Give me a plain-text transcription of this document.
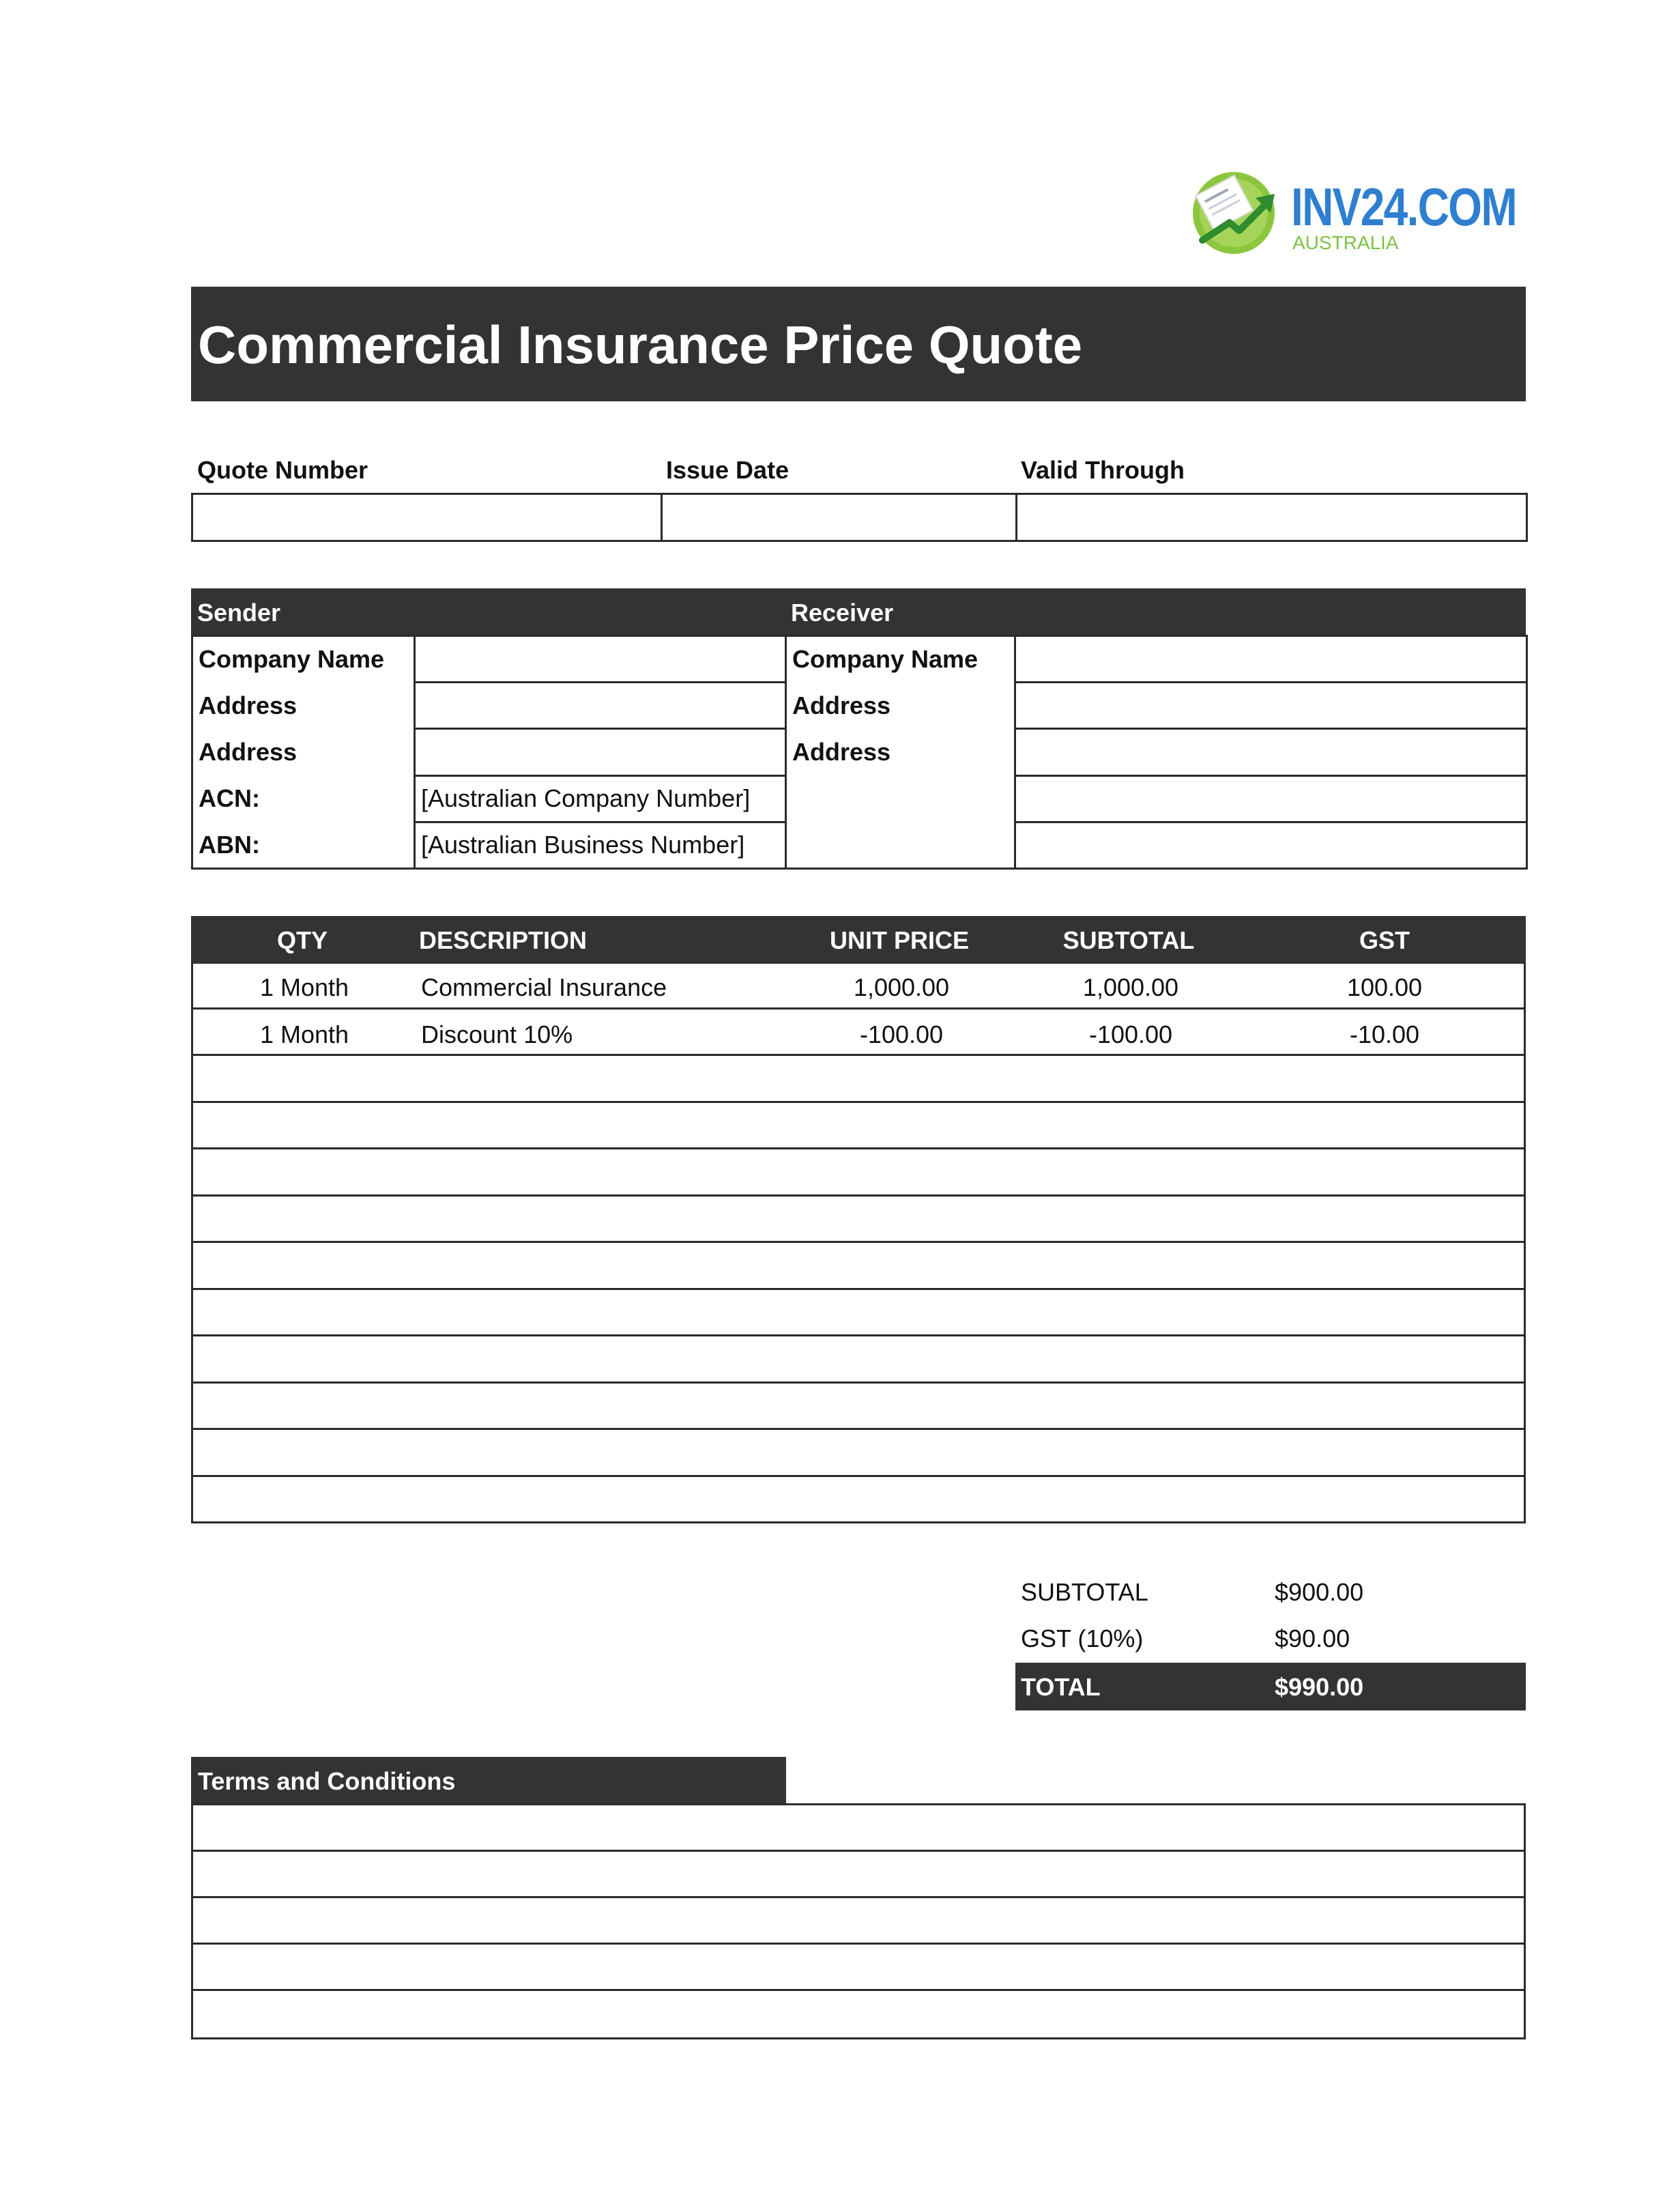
INV24.COM
AUSTRALIA
Commercial Insurance Price Quote
Quote Number	Issue Date	Valid Through

Sender	Receiver
Company Name		Company Name	
Address		Address	
Address		Address	
ACN:	[Australian Company Number]		
ABN:	[Australian Business Number]		
QTY	DESCRIPTION	UNIT PRICE	SUBTOTAL	GST
1 Month	Commercial Insurance	1,000.00	1,000.00	100.00
1 Month	Discount 10%	-100.00	-100.00	-10.00
SUBTOTAL	$900.00
GST (10%)	$90.00
TOTAL	$990.00
Terms and Conditions
